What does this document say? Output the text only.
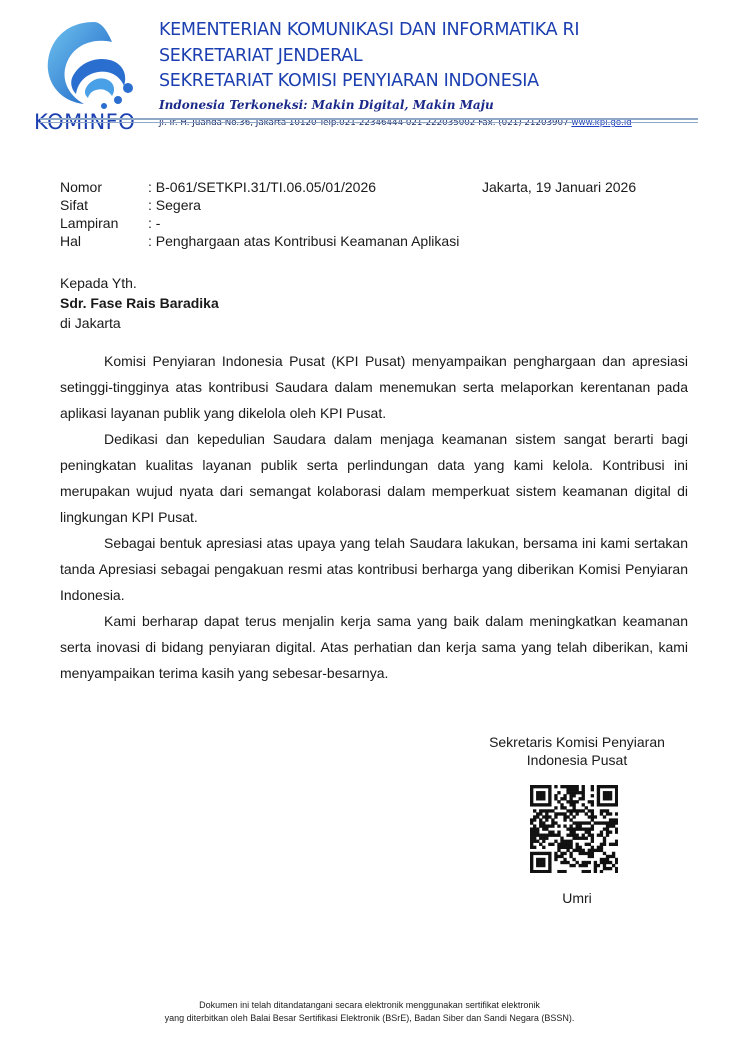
KOMINFO
KEMENTERIAN KOMUNIKASI DAN INFORMATIKA RI
SEKRETARIAT JENDERAL
SEKRETARIAT KOMISI PENYIARAN INDONESIA
Indonesia Terkoneksi: Makin Digital, Makin Maju
Jl. Ir. H. Juanda No.36, Jakarta 10120 Telp.021-22346444 021-222035002 Fax. (021) 21203907 www.kpi.go.id
Nomor	: B-061/SETKPI.31/TI.06.05/01/2026	Jakarta, 19 Januari 2026
Sifat	: Segera
Lampiran : -
Hal	: Penghargaan atas Kontribusi Keamanan Aplikasi
Kepada Yth.
Sdr. Fase Rais Baradika
di Jakarta
Komisi Penyiaran Indonesia Pusat (KPI Pusat) menyampaikan penghargaan dan apresiasi setinggi-tingginya atas kontribusi Saudara dalam menemukan serta melaporkan kerentanan pada aplikasi layanan publik yang dikelola oleh KPI Pusat.
Dedikasi dan kepedulian Saudara dalam menjaga keamanan sistem sangat berarti bagi peningkatan kualitas layanan publik serta perlindungan data yang kami kelola. Kontribusi ini merupakan wujud nyata dari semangat kolaborasi dalam memperkuat sistem keamanan digital di lingkungan KPI Pusat.
Sebagai bentuk apresiasi atas upaya yang telah Saudara lakukan, bersama ini kami sertakan tanda Apresiasi sebagai pengakuan resmi atas kontribusi berharga yang diberikan Komisi Penyiaran Indonesia.
Kami berharap dapat terus menjalin kerja sama yang baik dalam meningkatkan keamanan serta inovasi di bidang penyiaran digital. Atas perhatian dan kerja sama yang telah diberikan, kami menyampaikan terima kasih yang sebesar-besarnya.
Sekretaris Komisi Penyiaran
Indonesia Pusat
Umri
Dokumen ini telah ditandatangani secara elektronik menggunakan sertifikat elektronik
yang diterbitkan oleh Balai Besar Sertifikasi Elektronik (BSrE), Badan Siber dan Sandi Negara (BSSN).
